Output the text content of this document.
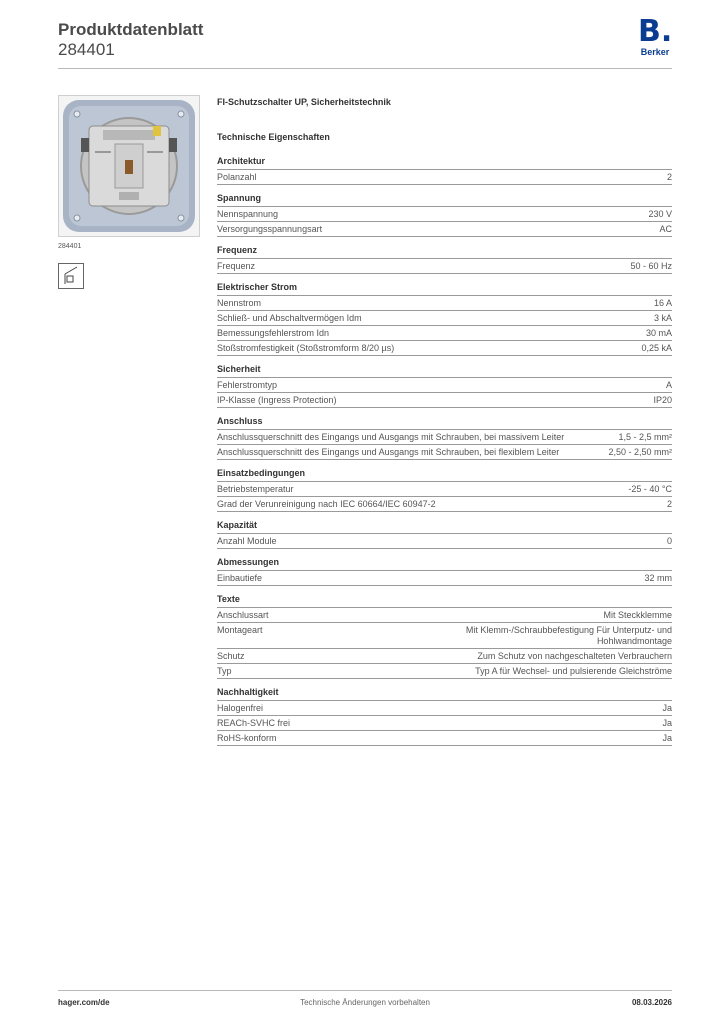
Produktdatenblatt
284401
B.
Berker
284401
FI-Schutzschalter UP, Sicherheitstechnik
Technische Eigenschaften
Architektur
Polanzahl	2
Spannung
Nennspannung	230 V
Versorgungsspannungsart	AC
Frequenz
Frequenz	50 - 60 Hz
Elektrischer Strom
Nennstrom	16 A
Schließ- und Abschaltvermögen Idm	3 kA
Bemessungsfehlerstrom Idn	30 mA
Stoßstromfestigkeit (Stoßstromform 8/20 µs)	0,25 kA
Sicherheit
Fehlerstromtyp	A
IP-Klasse (Ingress Protection)	IP20
Anschluss
Anschlussquerschnitt des Eingangs und Ausgangs mit Schrauben, bei massivem Leiter	1,5 - 2,5 mm²
Anschlussquerschnitt des Eingangs und Ausgangs mit Schrauben, bei flexiblem Leiter	2,50 - 2,50 mm²
Einsatzbedingungen
Betriebstemperatur	-25 - 40 °C
Grad der Verunreinigung nach IEC 60664/IEC 60947-2	2
Kapazität
Anzahl Module	0
Abmessungen
Einbautiefe	32 mm
Texte
Anschlussart	Mit Steckklemme
Montageart	Mit Klemm-/Schraubbefestigung Für Unterputz- und Hohlwandmontage
Schutz	Zum Schutz von nachgeschalteten Verbrauchern
Typ	Typ A für Wechsel- und pulsierende Gleichströme
Nachhaltigkeit
Halogenfrei	Ja
REACh-SVHC frei	Ja
RoHS-konform	Ja
hager.com/de	Technische Änderungen vorbehalten	08.03.2026
